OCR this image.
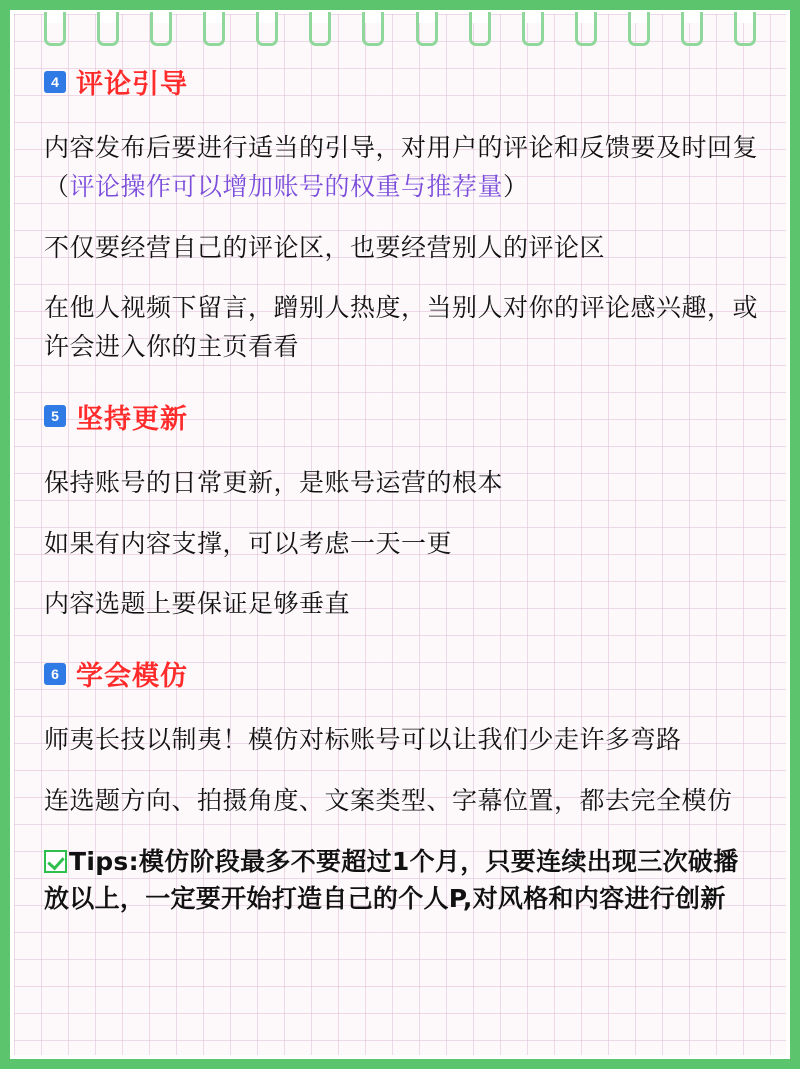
4 评论引导
内容发布后要进行适当的引导，对用户的评论和反馈要及时回复（评论操作可以增加账号的权重与推荐量）
不仅要经营自己的评论区，也要经营别人的评论区
在他人视频下留言，蹭别人热度，当别人对你的评论感兴趣，或许会进入你的主页看看
5 坚持更新
保持账号的日常更新，是账号运营的根本
如果有内容支撑，可以考虑一天一更
内容选题上要保证足够垂直
6 学会模仿
师夷长技以制夷！模仿对标账号可以让我们少走许多弯路
连选题方向、拍摄角度、文案类型、字幕位置，都去完全模仿
Tips:模仿阶段最多不要超过1个月，只要连续出现三次破播放以上，一定要开始打造自己的个人P,对风格和内容进行创新
